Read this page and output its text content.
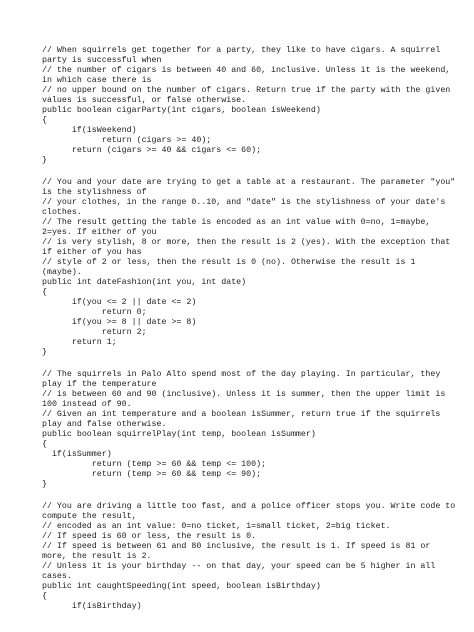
// When squirrels get together for a party, they like to have cigars. A squirrel
party is successful when
// the number of cigars is between 40 and 60, inclusive. Unless it is the weekend,
in which case there is
// no upper bound on the number of cigars. Return true if the party with the given
values is successful, or false otherwise.
public boolean cigarParty(int cigars, boolean isWeekend)
{
if(isWeekend)
return (cigars >= 40);
return (cigars >= 40 && cigars <= 60);
}
// You and your date are trying to get a table at a restaurant. The parameter "you"
is the stylishness of
// your clothes, in the range 0..10, and "date" is the stylishness of your date's
clothes.
// The result getting the table is encoded as an int value with 0=no, 1=maybe,
2=yes. If either of you
// is very stylish, 8 or more, then the result is 2 (yes). With the exception that
if either of you has
// style of 2 or less, then the result is 0 (no). Otherwise the result is 1
(maybe).
public int dateFashion(int you, int date)
{
if(you <= 2 || date <= 2)
return 0;
if(you >= 8 || date >= 8)
return 2;
return 1;
}
// The squirrels in Palo Alto spend most of the day playing. In particular, they
play if the temperature
// is between 60 and 90 (inclusive). Unless it is summer, then the upper limit is
100 instead of 90.
// Given an int temperature and a boolean isSummer, return true if the squirrels
play and false otherwise.
public boolean squirrelPlay(int temp, boolean isSummer)
{
if(isSummer)
return (temp >= 60 && temp <= 100);
return (temp >= 60 && temp <= 90);
}
// You are driving a little too fast, and a police officer stops you. Write code to
compute the result,
// encoded as an int value: 0=no ticket, 1=small ticket, 2=big ticket.
// If speed is 60 or less, the result is 0.
// If speed is between 61 and 80 inclusive, the result is 1. If speed is 81 or
more, the result is 2.
// Unless it is your birthday -- on that day, your speed can be 5 higher in all
cases.
public int caughtSpeeding(int speed, boolean isBirthday)
{
if(isBirthday)
